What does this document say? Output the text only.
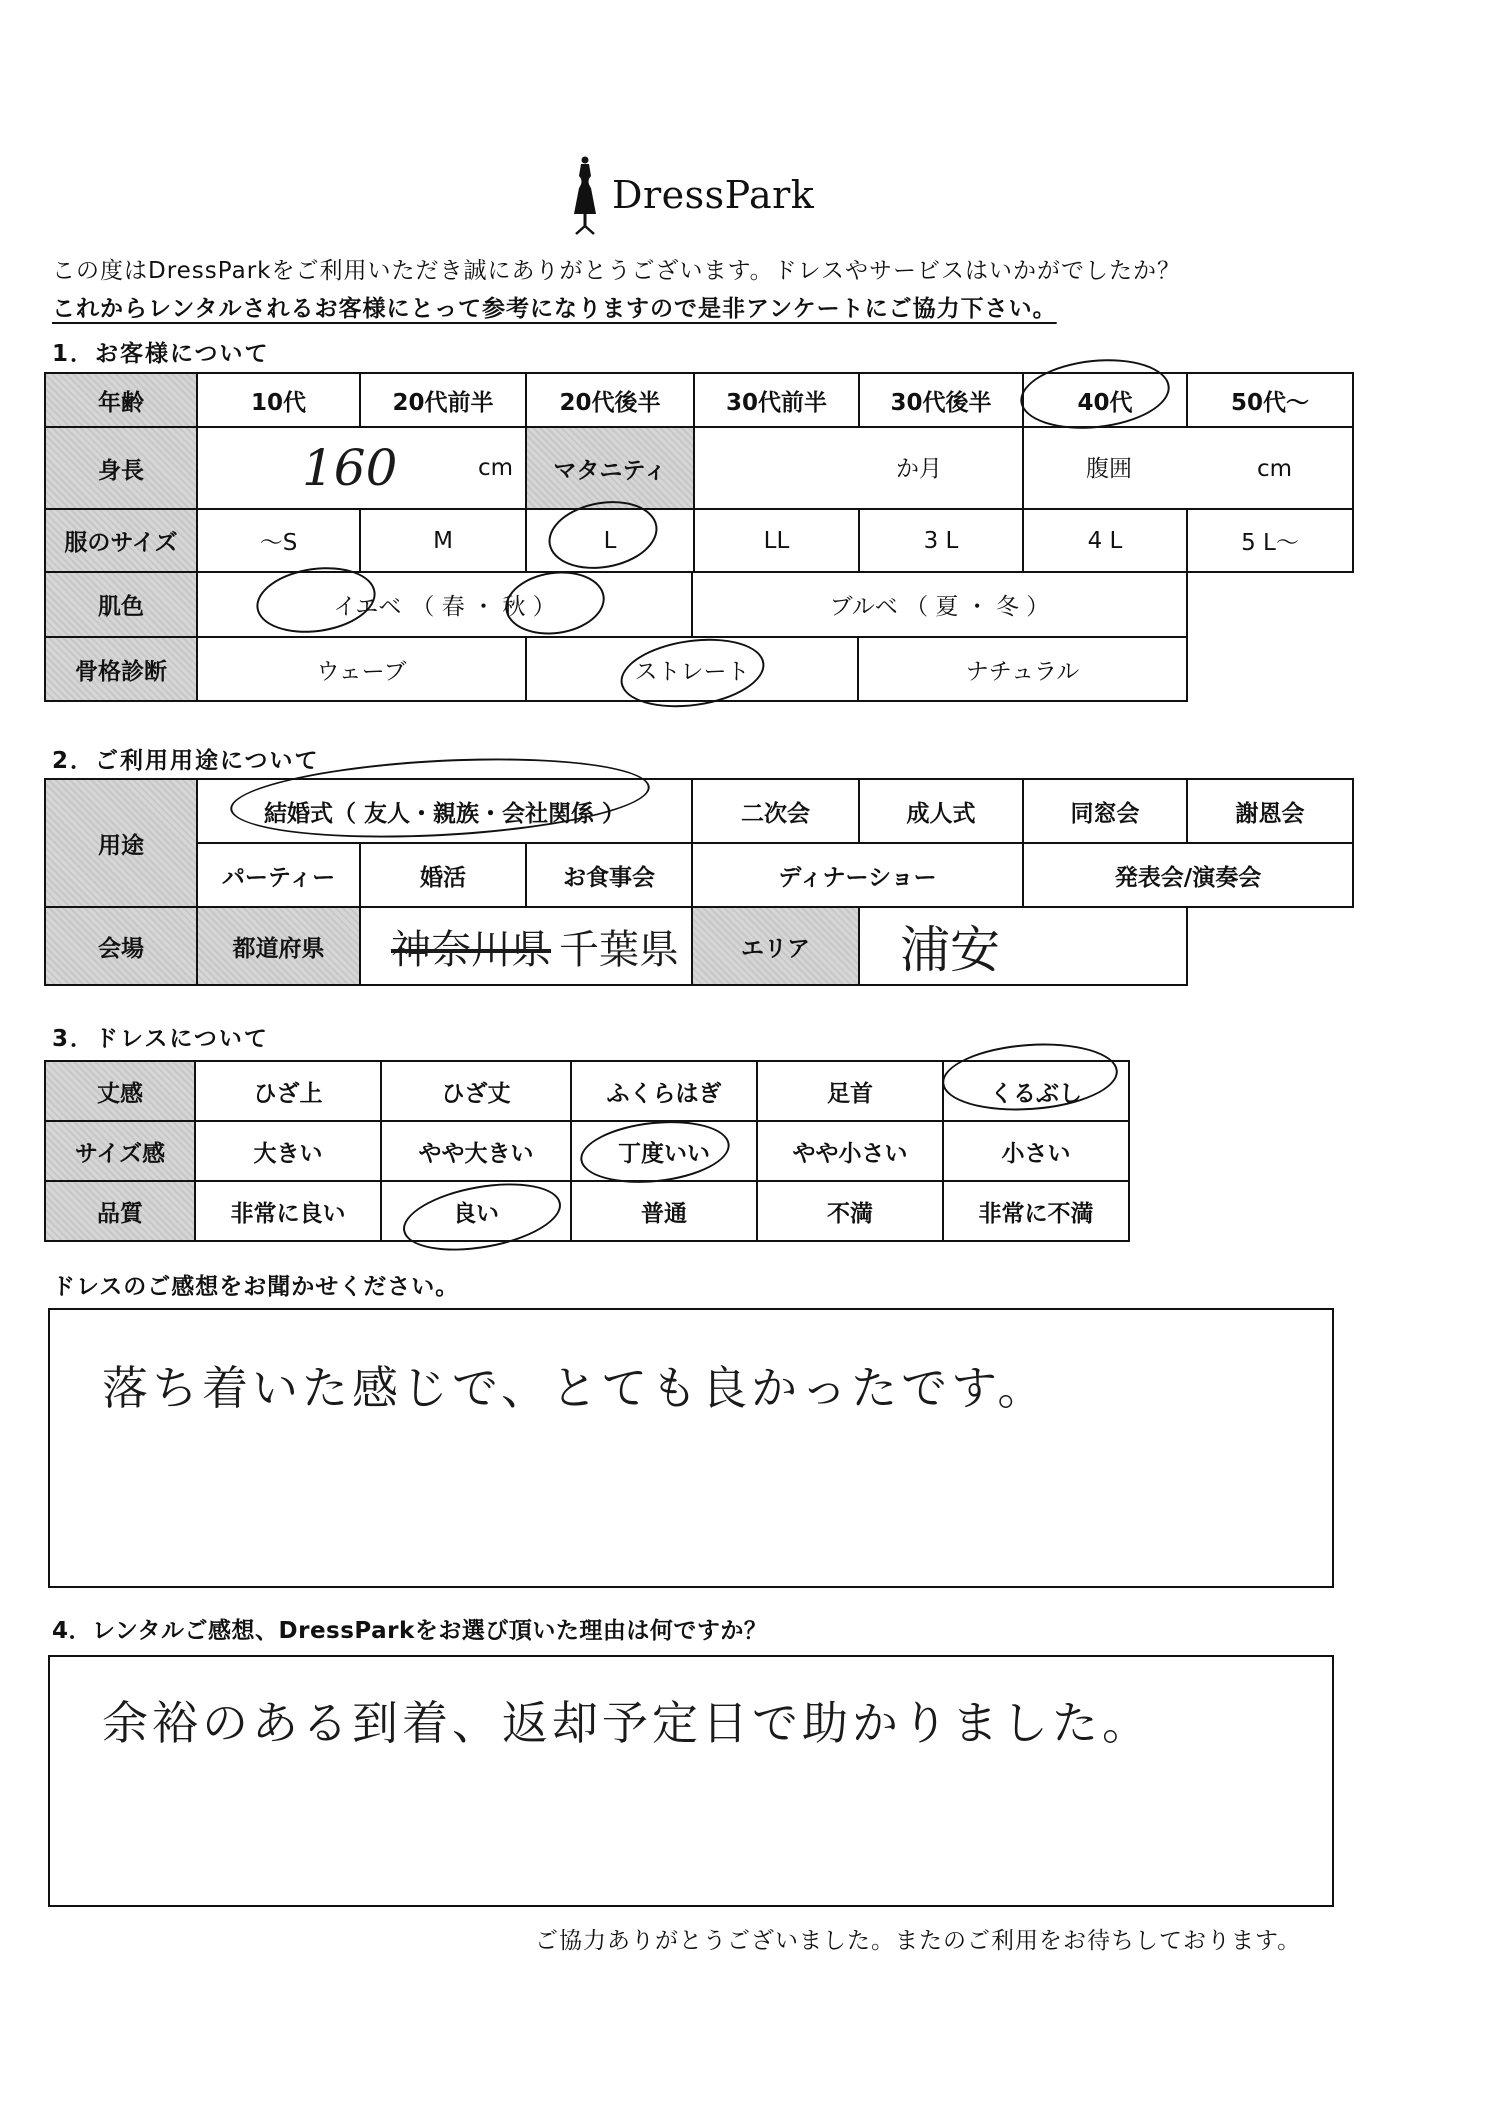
DressPark
この度はDressParkをご利用いただき誠にありがとうございます。ドレスやサービスはいかがでしたか？
これからレンタルされるお客様にとって参考になりますので是非アンケートにご協力下さい。
1．お客様について
年齢	10代	20代前半	20代後半	30代前半	30代後半	40代	50代〜
身長	160	cm	マタニティ	か月	腹囲	cm
服のサイズ	〜S	M	L	LL	3 L	4 L	5 L〜
肌色	イエベ （ 春 ・ 秋 ）	ブルベ （ 夏 ・ 冬 ）
骨格診断	ウェーブ	ストレート	ナチュラル
2．ご利用用途について
用途
結婚式（ 友人・親族・会社関係 ）	二次会	成人式	同窓会	謝恩会
パーティー	婚活	お食事会	ディナーショー	発表会/演奏会
会場	都道府県	神奈川県 千葉県	エリア	浦安
3．ドレスについて
丈感	ひざ上	ひざ丈	ふくらはぎ	足首	くるぶし
サイズ感	大きい	やや大きい	丁度いい	やや小さい	小さい
品質	非常に良い	良い	普通	不満	非常に不満
ドレスのご感想をお聞かせください。
落ち着いた感じで、とても良かったです。
4．レンタルご感想、DressParkをお選び頂いた理由は何ですか？
余裕のある到着、返却予定日で助かりました。
ご協力ありがとうございました。またのご利用をお待ちしております。
